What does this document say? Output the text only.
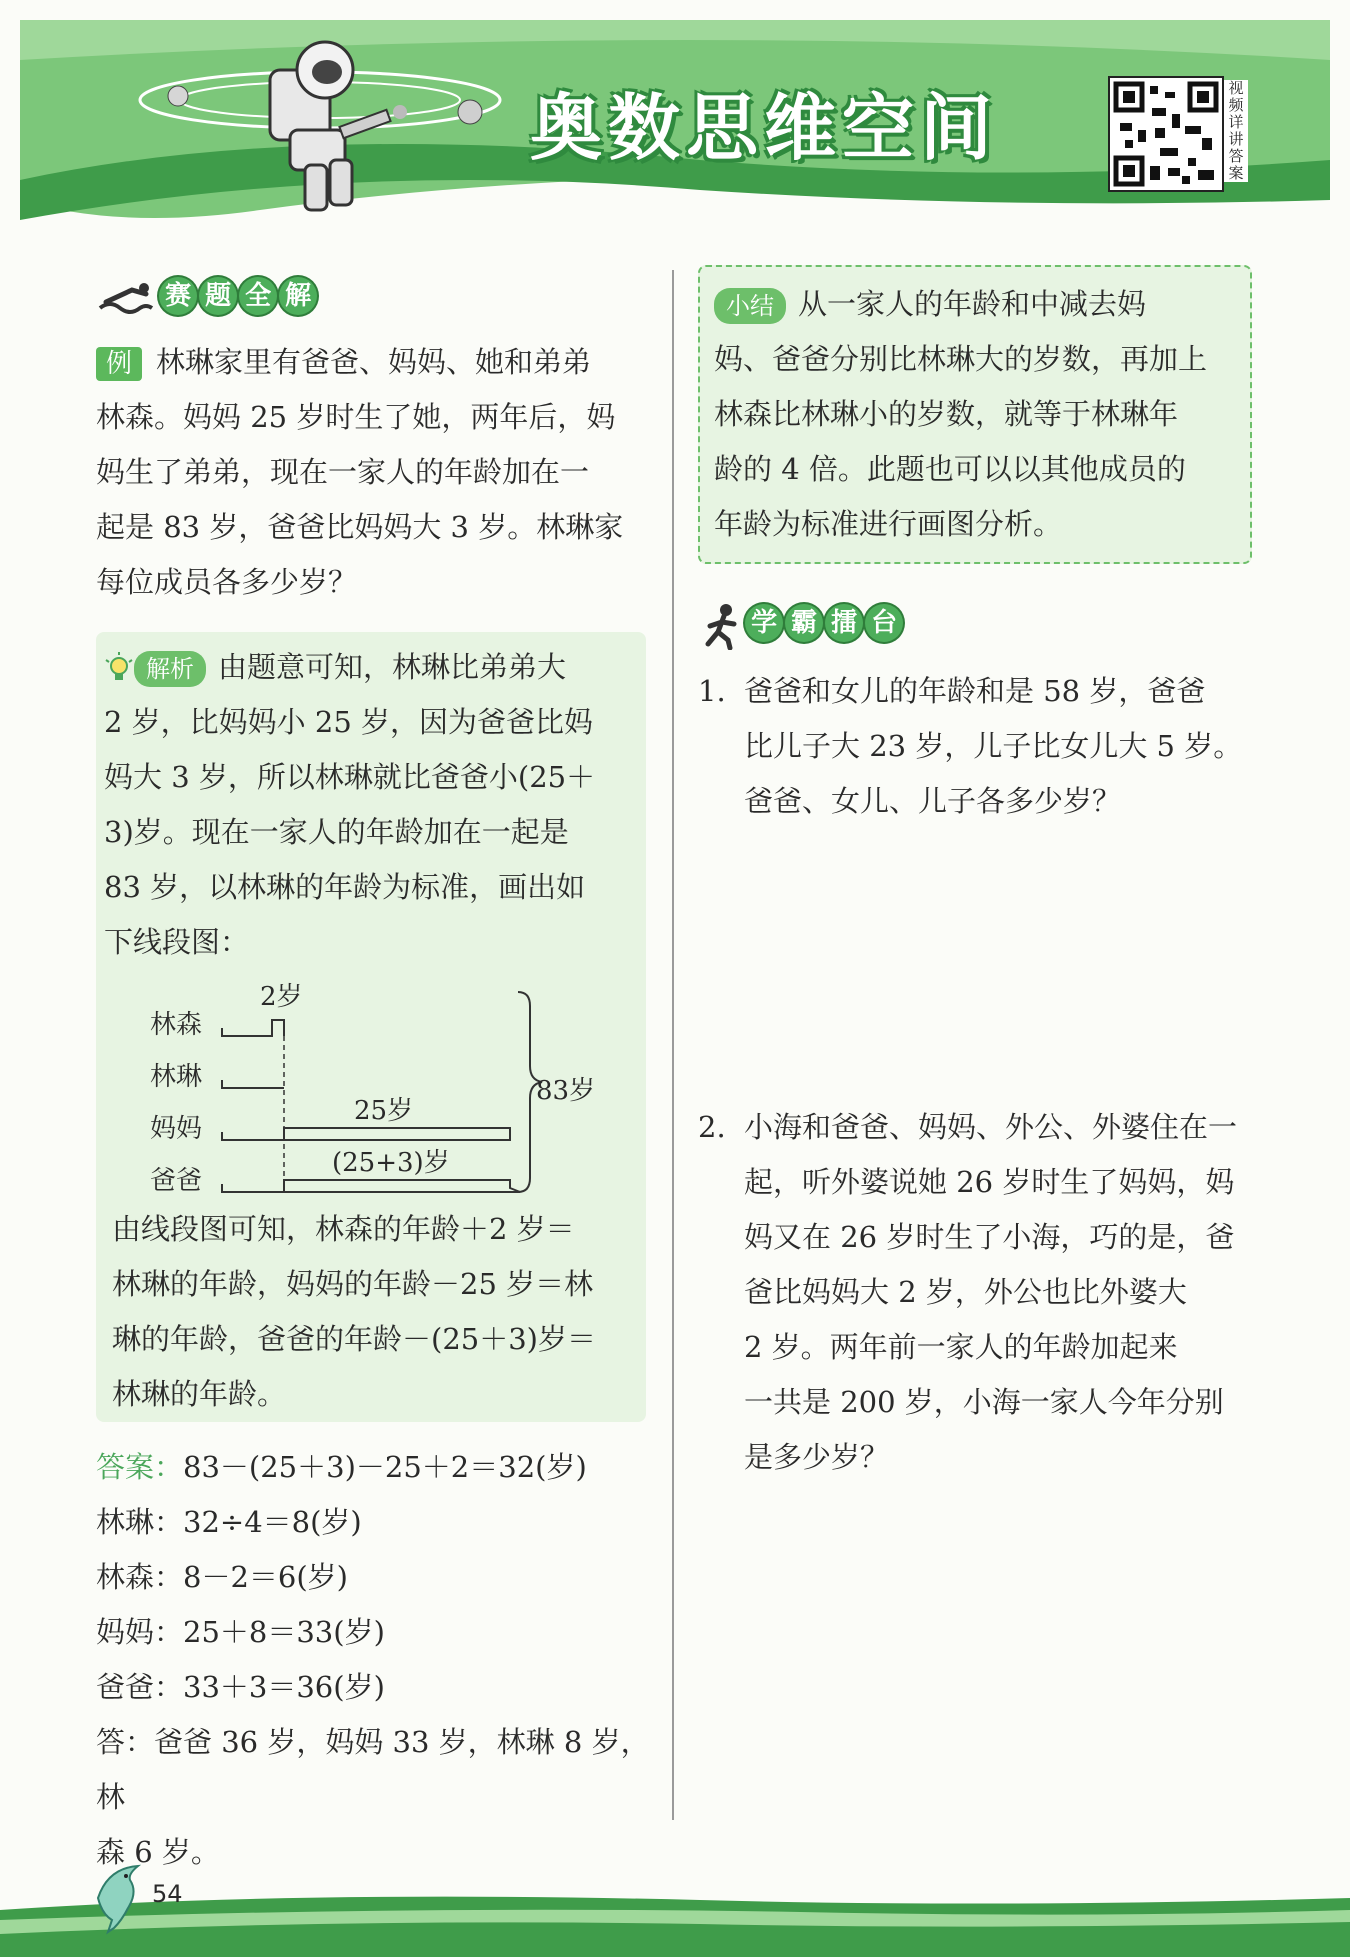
奥数思维空间	视频详讲答案
赛 题 全 解
例 林琳家里有爸爸、妈妈、她和弟弟
林森。妈妈 25 岁时生了她，两年后，妈
妈生了弟弟，现在一家人的年龄加在一
起是 83 岁，爸爸比妈妈大 3 岁。林琳家
每位成员各多少岁？
解析 由题意可知，林琳比弟弟大
2 岁，比妈妈小 25 岁，因为爸爸比妈
妈大 3 岁，所以林琳就比爸爸小(25＋
3)岁。现在一家人的年龄加在一起是
83 岁，以林琳的年龄为标准，画出如
下线段图：
林森
林琳
妈妈
爸爸
2岁
25岁
(25+3)岁
83岁
由线段图可知，林森的年龄＋2 岁＝
林琳的年龄，妈妈的年龄－25 岁＝林
琳的年龄，爸爸的年龄－(25＋3)岁＝
林琳的年龄。
答案：83－(25＋3)－25＋2＝32(岁)
林琳：32÷4＝8(岁)
林森：8－2＝6(岁)
妈妈：25＋8＝33(岁)
爸爸：33＋3＝36(岁)
答：爸爸 36 岁，妈妈 33 岁，林琳 8 岁，林
森 6 岁。
小结 从一家人的年龄和中减去妈
妈、爸爸分别比林琳大的岁数，再加上
林森比林琳小的岁数，就等于林琳年
龄的 4 倍。此题也可以以其他成员的
年龄为标准进行画图分析。
学 霸 擂 台
1. 爸爸和女儿的年龄和是 58 岁，爸爸
比儿子大 23 岁，儿子比女儿大 5 岁。
爸爸、女儿、儿子各多少岁？
2. 小海和爸爸、妈妈、外公、外婆住在一
起，听外婆说她 26 岁时生了妈妈，妈
妈又在 26 岁时生了小海，巧的是，爸
爸比妈妈大 2 岁，外公也比外婆大
2 岁。两年前一家人的年龄加起来
一共是 200 岁，小海一家人今年分别
是多少岁？
54
